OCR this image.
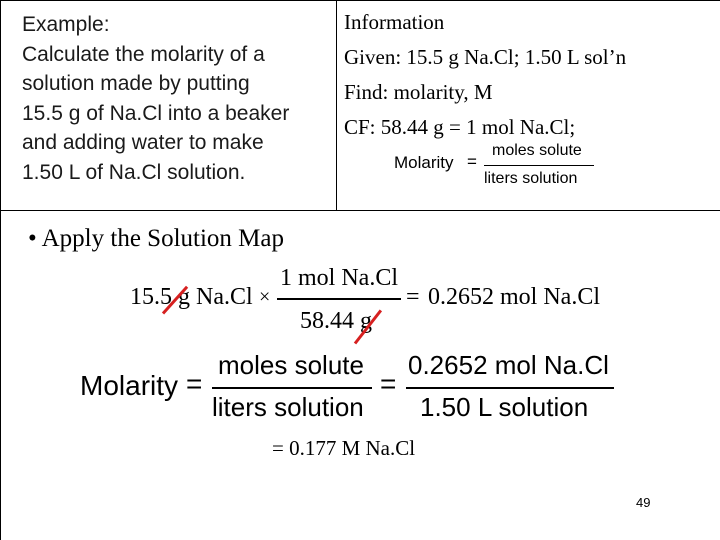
Example:
Calculate the molarity of a
solution made by putting
15.5 g of Na.Cl into a beaker
and adding water to make
1.50 L of Na.Cl solution.
Information
Given: 15.5 g Na.Cl; 1.50 L sol’n
Find: molarity, M
CF: 58.44 g = 1 mol Na.Cl;
Molarity =
moles solute
liters solution
• Apply the Solution Map
15.5 g Na.Cl ×
1 mol Na.Cl
58.44 g
= 0.2652 mol Na.Cl
Molarity =
moles solute
liters solution
=
0.2652 mol Na.Cl
1.50 L solution
= 0.177 M Na.Cl
49
